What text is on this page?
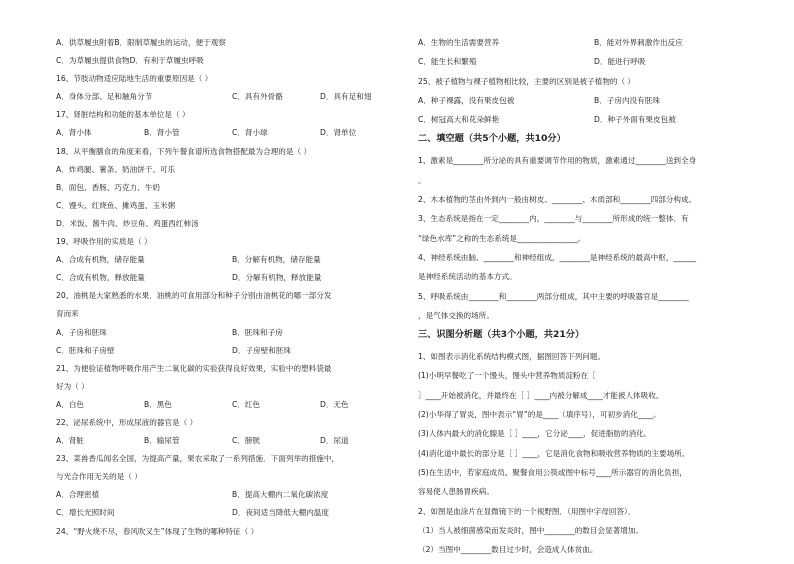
A．供草履虫附着B．限制草履虫的运动，便于观察
C．为草履虫提供食物D．有利于草履虫呼吸
16、节肢动物适应陆地生活的重要原因是（ ）
A．身体分部、足和触角分节	C．具有外骨骼	D．具有足和翅
17、肾脏结构和功能的基本单位是（ ）
A．肾小体	B．肾小管	C．肾小球	D．肾单位
18、从平衡膳食的角度来看，下列午餐食谱所选食物搭配最为合理的是（ ）
A．炸鸡腿、薯条、奶油饼干、可乐
B．面包、香肠、巧克力、牛奶
C．馒头、红烧鱼、摊鸡蛋、玉米粥
D．米饭、酱牛肉、炒豆角、鸡蛋西红柿汤
19、呼吸作用的实质是（ ）
A．合成有机物，储存能量	B．分解有机物，储存能量
C．合成有机物，释放能量	D．分解有机物，释放能量
20、油桃是大家熟悉的水果．油桃的可食用部分和种子分别由油桃花的哪一部分发
育而来
A．子房和胚珠	B．胚珠和子房
C．胚珠和子房壁	D．子房壁和胚珠
21、为便验证植物呼吸作用产生二氧化碳的实验获得良好效果，实验中的塑料袋最
好为（ ）
A．白色	B．黑色	C．红色	D．无色
22、泌尿系统中，形成尿液的器官是（ ）
A．肾脏	B．输尿管	C．膀胱	D．尿道
23、菜兽香瓜闻名全国，为提高产量，果农采取了一系列措施．下面列举的措施中，
与光合作用无关的是（ ）
A．合理密植	B．提高大棚内二氧化碳浓度
C．增长光照时间	D．夜间适当降低大棚内温度
24、“野火烧不尽，春风吹又生”体现了生物的哪种特征（ ）
A．生物的生活需要营养	B．能对外界刺激作出反应
C．能生长和繁殖	D．能进行呼吸
25、被子植物与裸子植物相比较，主要的区别是被子植物的（ ）
A．种子裸露，没有果皮包被	B．子房内没有胚珠
C．树冠高大和花朵鲜艳	D．种子外面有果皮包被
二、填空题（共5个小题，共10分）
1、激素是________所分泌的具有重要调节作用的物质，激素通过________送到全身
。
2、木本植物的茎由外到内一般由树皮、________、木质部和________四部分构成。
3、生态系统是指在一定________内，________与________所形成的统一整体．有
“绿色水库”之称的生态系统是________________。
4、神经系统由脑、________和神经组成，________是神经系统的最高中枢，______
是神经系统活动的基本方式。
5、呼吸系统由________和________两部分组成，其中主要的呼吸器官是________
，是气体交换的场所。
三、识图分析题（共3个小题，共21分）
1、如图表示消化系统结构模式图，据图回答下列问题。
(1)小明早餐吃了一个馒头，馒头中营养物质淀粉在［
］____开始被消化，并最终在［ ］____内被分解成____才能被人体吸收。
(2)小华得了胃炎，图中表示“胃”的是____（填序号），可初步消化____。
(3)人体内最大的消化腺是［ ］____，它分泌____，促进脂肪的消化。
(4)消化道中最长的部分是［ ］____，它是消化食物和吸收营养物质的主要场所。
(5)在生活中，若家庭成员、聚餐食用公筷或图中标号____所示器官的消化负担，
容易使人患肠胃疾病。
2、如图是血涂片在显微镜下的一个视野图．（用图中字母回答）．
（1）当人被细菌感染而发炎时，图中________的数目会显著增加。
（2）当图中________数目过少时，会造成人体贫血。
